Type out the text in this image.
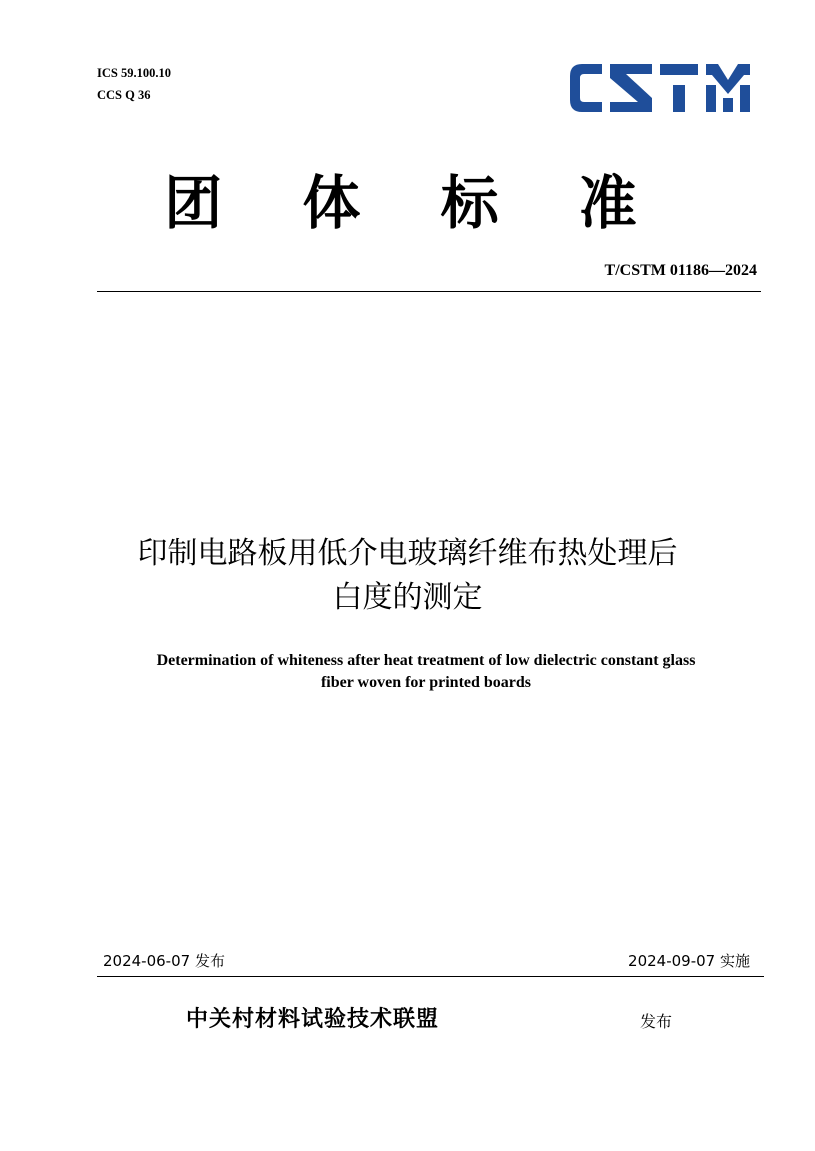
ICS 59.100.10
CCS Q 36
团 体 标 准
T/CSTM 01186—2024
印制电路板用低介电玻璃纤维布热处理后
白度的测定
Determination of whiteness after heat treatment of low dielectric constant glass
fiber woven for printed boards
2024-06-07 发布	2024-09-07 实施
中关村材料试验技术联盟	发布
